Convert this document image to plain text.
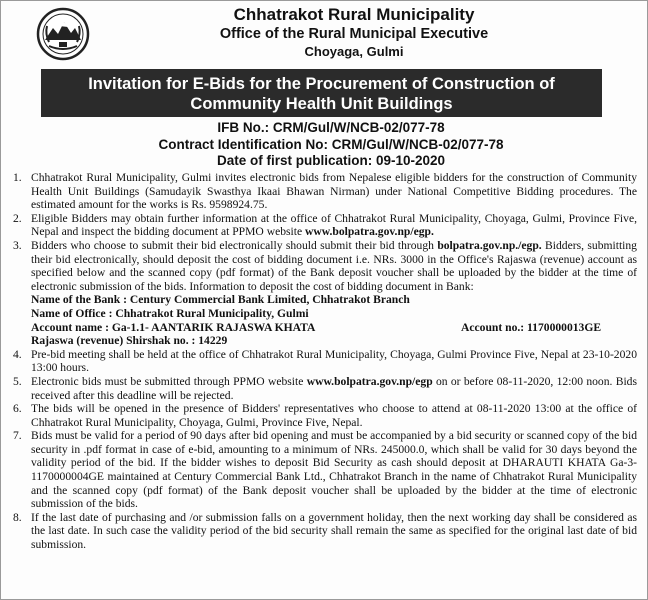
Chhatrakot Rural Municipality
Office of the Rural Municipal Executive
Choyaga, Gulmi
Invitation for E-Bids for the Procurement of Construction of
Community Health Unit Buildings
IFB No.: CRM/Gul/W/NCB-02/077-78
Contract Identification No: CRM/Gul/W/NCB-02/077-78
Date of first publication: 09-10-2020
1. Chhatrakot Rural Municipality, Gulmi invites electronic bids from Nepalese eligible bidders for the construction of Community Health Unit Buildings (Samudayik Swasthya Ikaai Bhawan Nirman) under National Competitive Bidding procedures. The estimated amount for the works is Rs. 9598924.75.
2. Eligible Bidders may obtain further information at the office of Chhatrakot Rural Municipality, Choyaga, Gulmi, Province Five, Nepal and inspect the bidding document at PPMO website www.bolpatra.gov.np/egp.
3. Bidders who choose to submit their bid electronically should submit their bid through bolpatra.gov.np./egp. Bidders, submitting their bid electronically, should deposit the cost of bidding document i.e. NRs. 3000 in the Office's Rajaswa (revenue) account as specified below and the scanned copy (pdf format) of the Bank deposit voucher shall be uploaded by the bidder at the time of electronic submission of the bids. Information to deposit the cost of bidding document in Bank:
Name of the Bank : Century Commercial Bank Limited, Chhatrakot Branch
Name of Office : Chhatrakot Rural Municipality, Gulmi
Account name : Ga-1.1- AANTARIK RAJASWA KHATA	Account no.: 1170000013GE
Rajaswa (revenue) Shirshak no. : 14229
4. Pre-bid meeting shall be held at the office of Chhatrakot Rural Municipality, Choyaga, Gulmi Province Five, Nepal at 23-10-2020 13:00 hours.
5. Electronic bids must be submitted through PPMO website www.bolpatra.gov.np/egp on or before 08-11-2020, 12:00 noon. Bids received after this deadline will be rejected.
6. The bids will be opened in the presence of Bidders' representatives who choose to attend at 08-11-2020 13:00 at the office of Chhatrakot Rural Municipality, Choyaga, Gulmi, Province Five, Nepal.
7. Bids must be valid for a period of 90 days after bid opening and must be accompanied by a bid security or scanned copy of the bid security in .pdf format in case of e-bid, amounting to a minimum of NRs. 245000.0, which shall be valid for 30 days beyond the validity period of the bid. If the bidder wishes to deposit Bid Security as cash should deposit at DHARAUTI KHATA Ga-3-1170000004GE maintained at Century Commercial Bank Ltd., Chhatrakot Branch in the name of Chhatrakot Rural Municipality and the scanned copy (pdf format) of the Bank deposit voucher shall be uploaded by the bidder at the time of electronic submission of the bids.
8. If the last date of purchasing and /or submission falls on a government holiday, then the next working day shall be considered as the last date. In such case the validity period of the bid security shall remain the same as specified for the original last date of bid submission.
